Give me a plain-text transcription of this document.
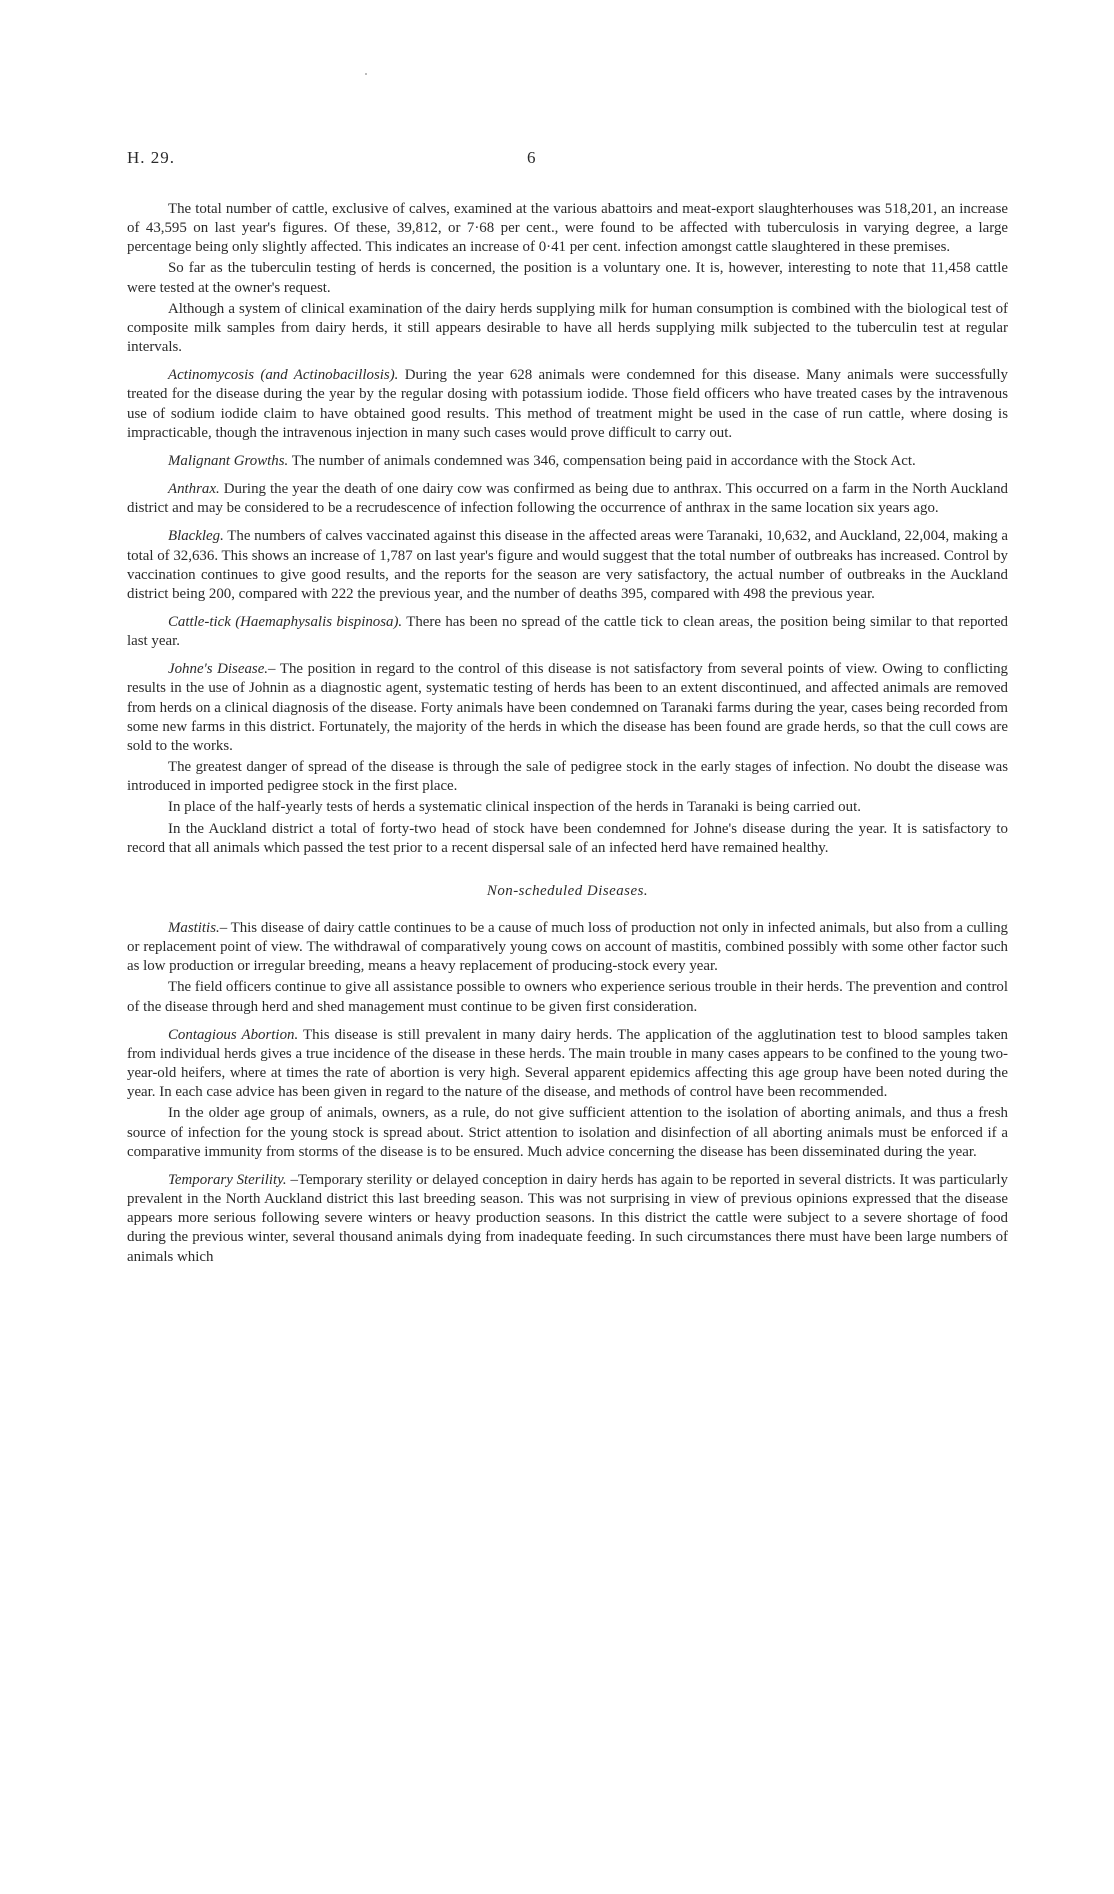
H. 29.	6

The total number of cattle, exclusive of calves, examined at the various abattoirs and meat-export slaughterhouses was 518,201, an increase of 43,595 on last year's figures. Of these, 39,812, or 7·68 per cent., were found to be affected with tuberculosis in varying degree, a large percentage being only slightly affected. This indicates an increase of 0·41 per cent. infection amongst cattle slaughtered in these premises.

So far as the tuberculin testing of herds is concerned, the position is a voluntary one. It is, however, interesting to note that 11,458 cattle were tested at the owner's request.

Although a system of clinical examination of the dairy herds supplying milk for human consumption is combined with the biological test of composite milk samples from dairy herds, it still appears desirable to have all herds supplying milk subjected to the tuberculin test at regular intervals.

Actinomycosis (and Actinobacillosis). During the year 628 animals were condemned for this disease. Many animals were successfully treated for the disease during the year by the regular dosing with potassium iodide. Those field officers who have treated cases by the intravenous use of sodium iodide claim to have obtained good results. This method of treatment might be used in the case of run cattle, where dosing is impracticable, though the intravenous injection in many such cases would prove difficult to carry out.

Malignant Growths. The number of animals condemned was 346, compensation being paid in accordance with the Stock Act.

Anthrax. During the year the death of one dairy cow was confirmed as being due to anthrax. This occurred on a farm in the North Auckland district and may be considered to be a recrudescence of infection following the occurrence of anthrax in the same location six years ago.

Blackleg. The numbers of calves vaccinated against this disease in the affected areas were Taranaki, 10,632, and Auckland, 22,004, making a total of 32,636. This shows an increase of 1,787 on last year's figure and would suggest that the total number of outbreaks has increased. Control by vaccination continues to give good results, and the reports for the season are very satisfactory, the actual number of outbreaks in the Auckland district being 200, compared with 222 the previous year, and the number of deaths 395, compared with 498 the previous year.

Cattle-tick (Haemaphysalis bispinosa). There has been no spread of the cattle tick to clean areas, the position being similar to that reported last year.

Johne's Disease.– The position in regard to the control of this disease is not satisfactory from several points of view. Owing to conflicting results in the use of Johnin as a diagnostic agent, systematic testing of herds has been to an extent discontinued, and affected animals are removed from herds on a clinical diagnosis of the disease. Forty animals have been condemned on Taranaki farms during the year, cases being recorded from some new farms in this district. Fortunately, the majority of the herds in which the disease has been found are grade herds, so that the cull cows are sold to the works.

The greatest danger of spread of the disease is through the sale of pedigree stock in the early stages of infection. No doubt the disease was introduced in imported pedigree stock in the first place.

In place of the half-yearly tests of herds a systematic clinical inspection of the herds in Taranaki is being carried out.

In the Auckland district a total of forty-two head of stock have been condemned for Johne's disease during the year. It is satisfactory to record that all animals which passed the test prior to a recent dispersal sale of an infected herd have remained healthy.

Non-scheduled Diseases.

Mastitis.– This disease of dairy cattle continues to be a cause of much loss of production not only in infected animals, but also from a culling or replacement point of view. The withdrawal of comparatively young cows on account of mastitis, combined possibly with some other factor such as low production or irregular breeding, means a heavy replacement of producing-stock every year.

The field officers continue to give all assistance possible to owners who experience serious trouble in their herds. The prevention and control of the disease through herd and shed management must continue to be given first consideration.

Contagious Abortion. This disease is still prevalent in many dairy herds. The application of the agglutination test to blood samples taken from individual herds gives a true incidence of the disease in these herds. The main trouble in many cases appears to be confined to the young two-year-old heifers, where at times the rate of abortion is very high. Several apparent epidemics affecting this age group have been noted during the year. In each case advice has been given in regard to the nature of the disease, and methods of control have been recommended.

In the older age group of animals, owners, as a rule, do not give sufficient attention to the isolation of aborting animals, and thus a fresh source of infection for the young stock is spread about. Strict attention to isolation and disinfection of all aborting animals must be enforced if a comparative immunity from storms of the disease is to be ensured. Much advice concerning the disease has been disseminated during the year.

Temporary Sterility. –Temporary sterility or delayed conception in dairy herds has again to be reported in several districts. It was particularly prevalent in the North Auckland district this last breeding season. This was not surprising in view of previous opinions expressed that the disease appears more serious following severe winters or heavy production seasons. In this district the cattle were subject to a severe shortage of food during the previous winter, several thousand animals dying from inadequate feeding. In such circumstances there must have been large numbers of animals which
